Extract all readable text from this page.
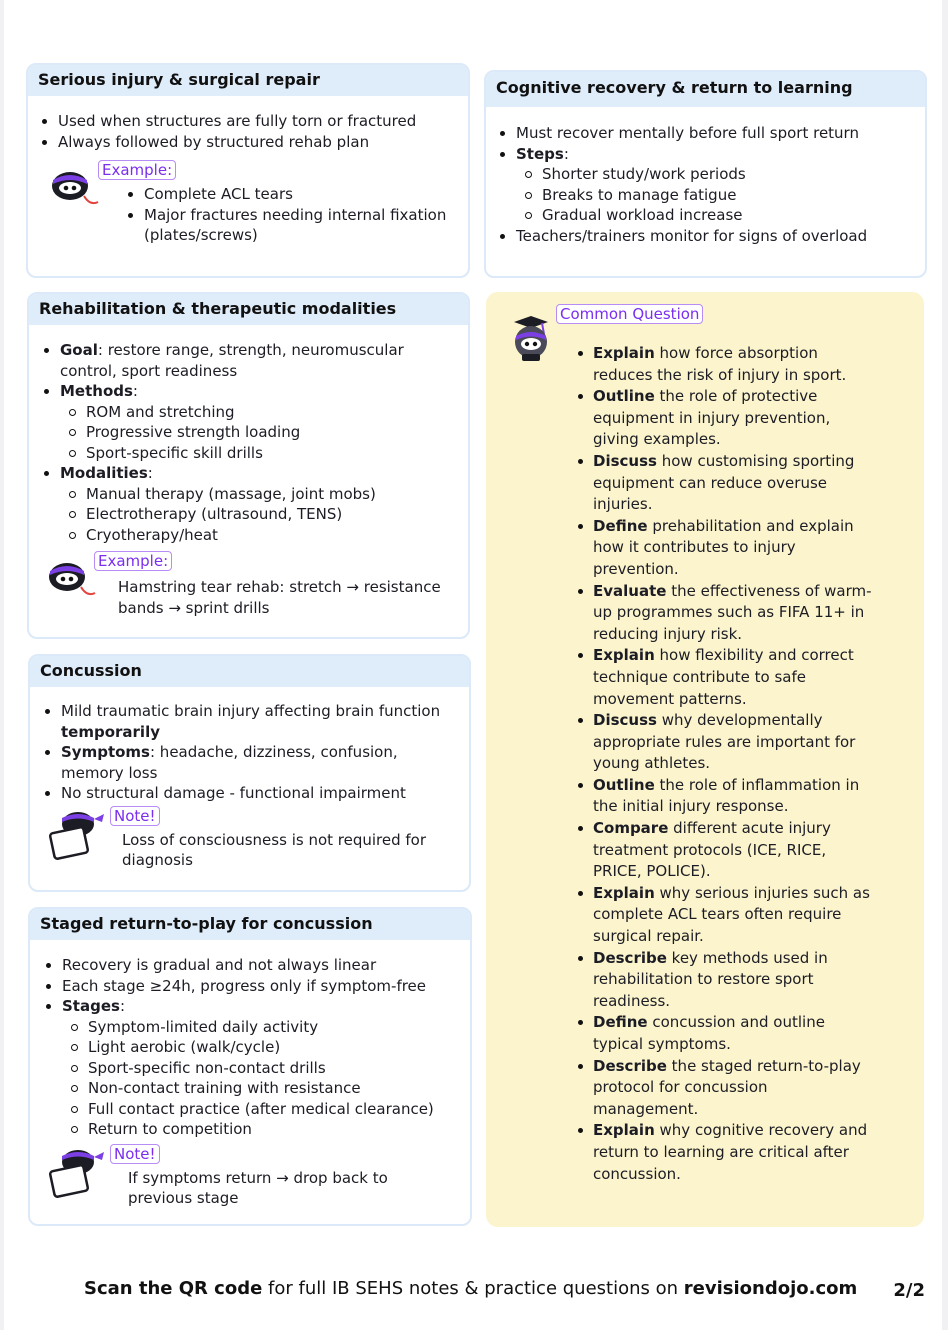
Serious injury & surgical repair
Used when structures are fully torn or fractured
Always followed by structured rehab plan
Example:
Complete ACL tears
Major fractures needing internal fixation (plates/screws)
Cognitive recovery & return to learning
Must recover mentally before full sport return
Steps:
Shorter study/work periods
Breaks to manage fatigue
Gradual workload increase
Teachers/trainers monitor for signs of overload
Rehabilitation & therapeutic modalities
Goal: restore range, strength, neuromuscular control, sport readiness
Methods:
ROM and stretching
Progressive strength loading
Sport-specific skill drills
Modalities:
Manual therapy (massage, joint mobs)
Electrotherapy (ultrasound, TENS)
Cryotherapy/heat
Example:
Hamstring tear rehab: stretch → resistance bands → sprint drills
Concussion
Mild traumatic brain injury affecting brain function temporarily
Symptoms: headache, dizziness, confusion, memory loss
No structural damage - functional impairment
Note!
Loss of consciousness is not required for diagnosis
Staged return-to-play for concussion
Recovery is gradual and not always linear
Each stage ≥24h, progress only if symptom-free
Stages:
Symptom-limited daily activity
Light aerobic (walk/cycle)
Sport-specific non-contact drills
Non-contact training with resistance
Full contact practice (after medical clearance)
Return to competition
Note!
If symptoms return → drop back to previous stage
Common Question
Explain how force absorption reduces the risk of injury in sport.
Outline the role of protective equipment in injury prevention, giving examples.
Discuss how customising sporting equipment can reduce overuse injuries.
Define prehabilitation and explain how it contributes to injury prevention.
Evaluate the effectiveness of warm-up programmes such as FIFA 11+ in reducing injury risk.
Explain how flexibility and correct technique contribute to safe movement patterns.
Discuss why developmentally appropriate rules are important for young athletes.
Outline the role of inflammation in the initial injury response.
Compare different acute injury treatment protocols (ICE, RICE, PRICE, POLICE).
Explain why serious injuries such as complete ACL tears often require surgical repair.
Describe key methods used in rehabilitation to restore sport readiness.
Define concussion and outline typical symptoms.
Describe the staged return-to-play protocol for concussion management.
Explain why cognitive recovery and return to learning are critical after concussion.
Scan the QR code for full IB SEHS notes & practice questions on revisiondojo.com 2/2
